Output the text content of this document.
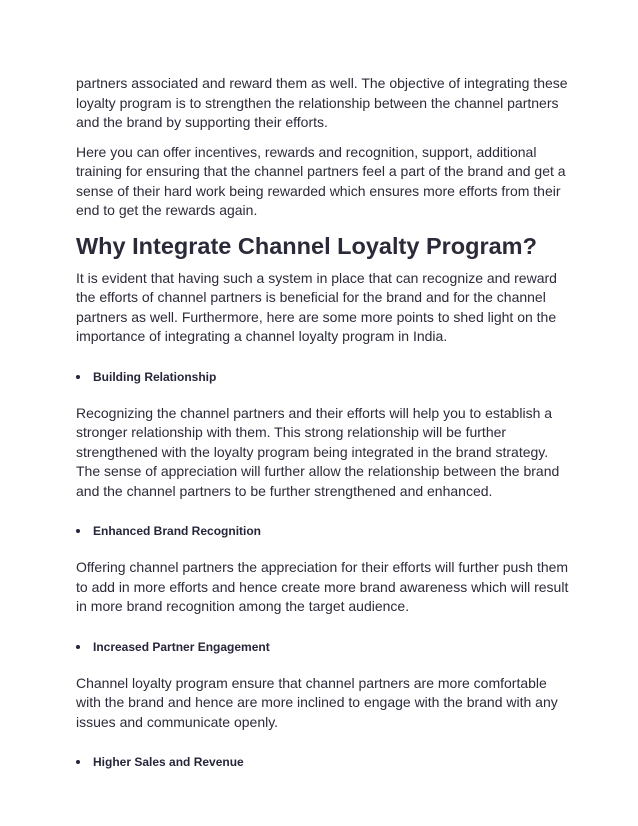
partners associated and reward them as well. The objective of integrating these loyalty program is to strengthen the relationship between the channel partners and the brand by supporting their efforts.

Here you can offer incentives, rewards and recognition, support, additional training for ensuring that the channel partners feel a part of the brand and get a sense of their hard work being rewarded which ensures more efforts from their end to get the rewards again.

Why Integrate Channel Loyalty Program?

It is evident that having such a system in place that can recognize and reward the efforts of channel partners is beneficial for the brand and for the channel partners as well. Furthermore, here are some more points to shed light on the importance of integrating a channel loyalty program in India.

Building Relationship

Recognizing the channel partners and their efforts will help you to establish a stronger relationship with them. This strong relationship will be further strengthened with the loyalty program being integrated in the brand strategy. The sense of appreciation will further allow the relationship between the brand and the channel partners to be further strengthened and enhanced.

Enhanced Brand Recognition

Offering channel partners the appreciation for their efforts will further push them to add in more efforts and hence create more brand awareness which will result in more brand recognition among the target audience.

Increased Partner Engagement

Channel loyalty program ensure that channel partners are more comfortable with the brand and hence are more inclined to engage with the brand with any issues and communicate openly.

Higher Sales and Revenue
